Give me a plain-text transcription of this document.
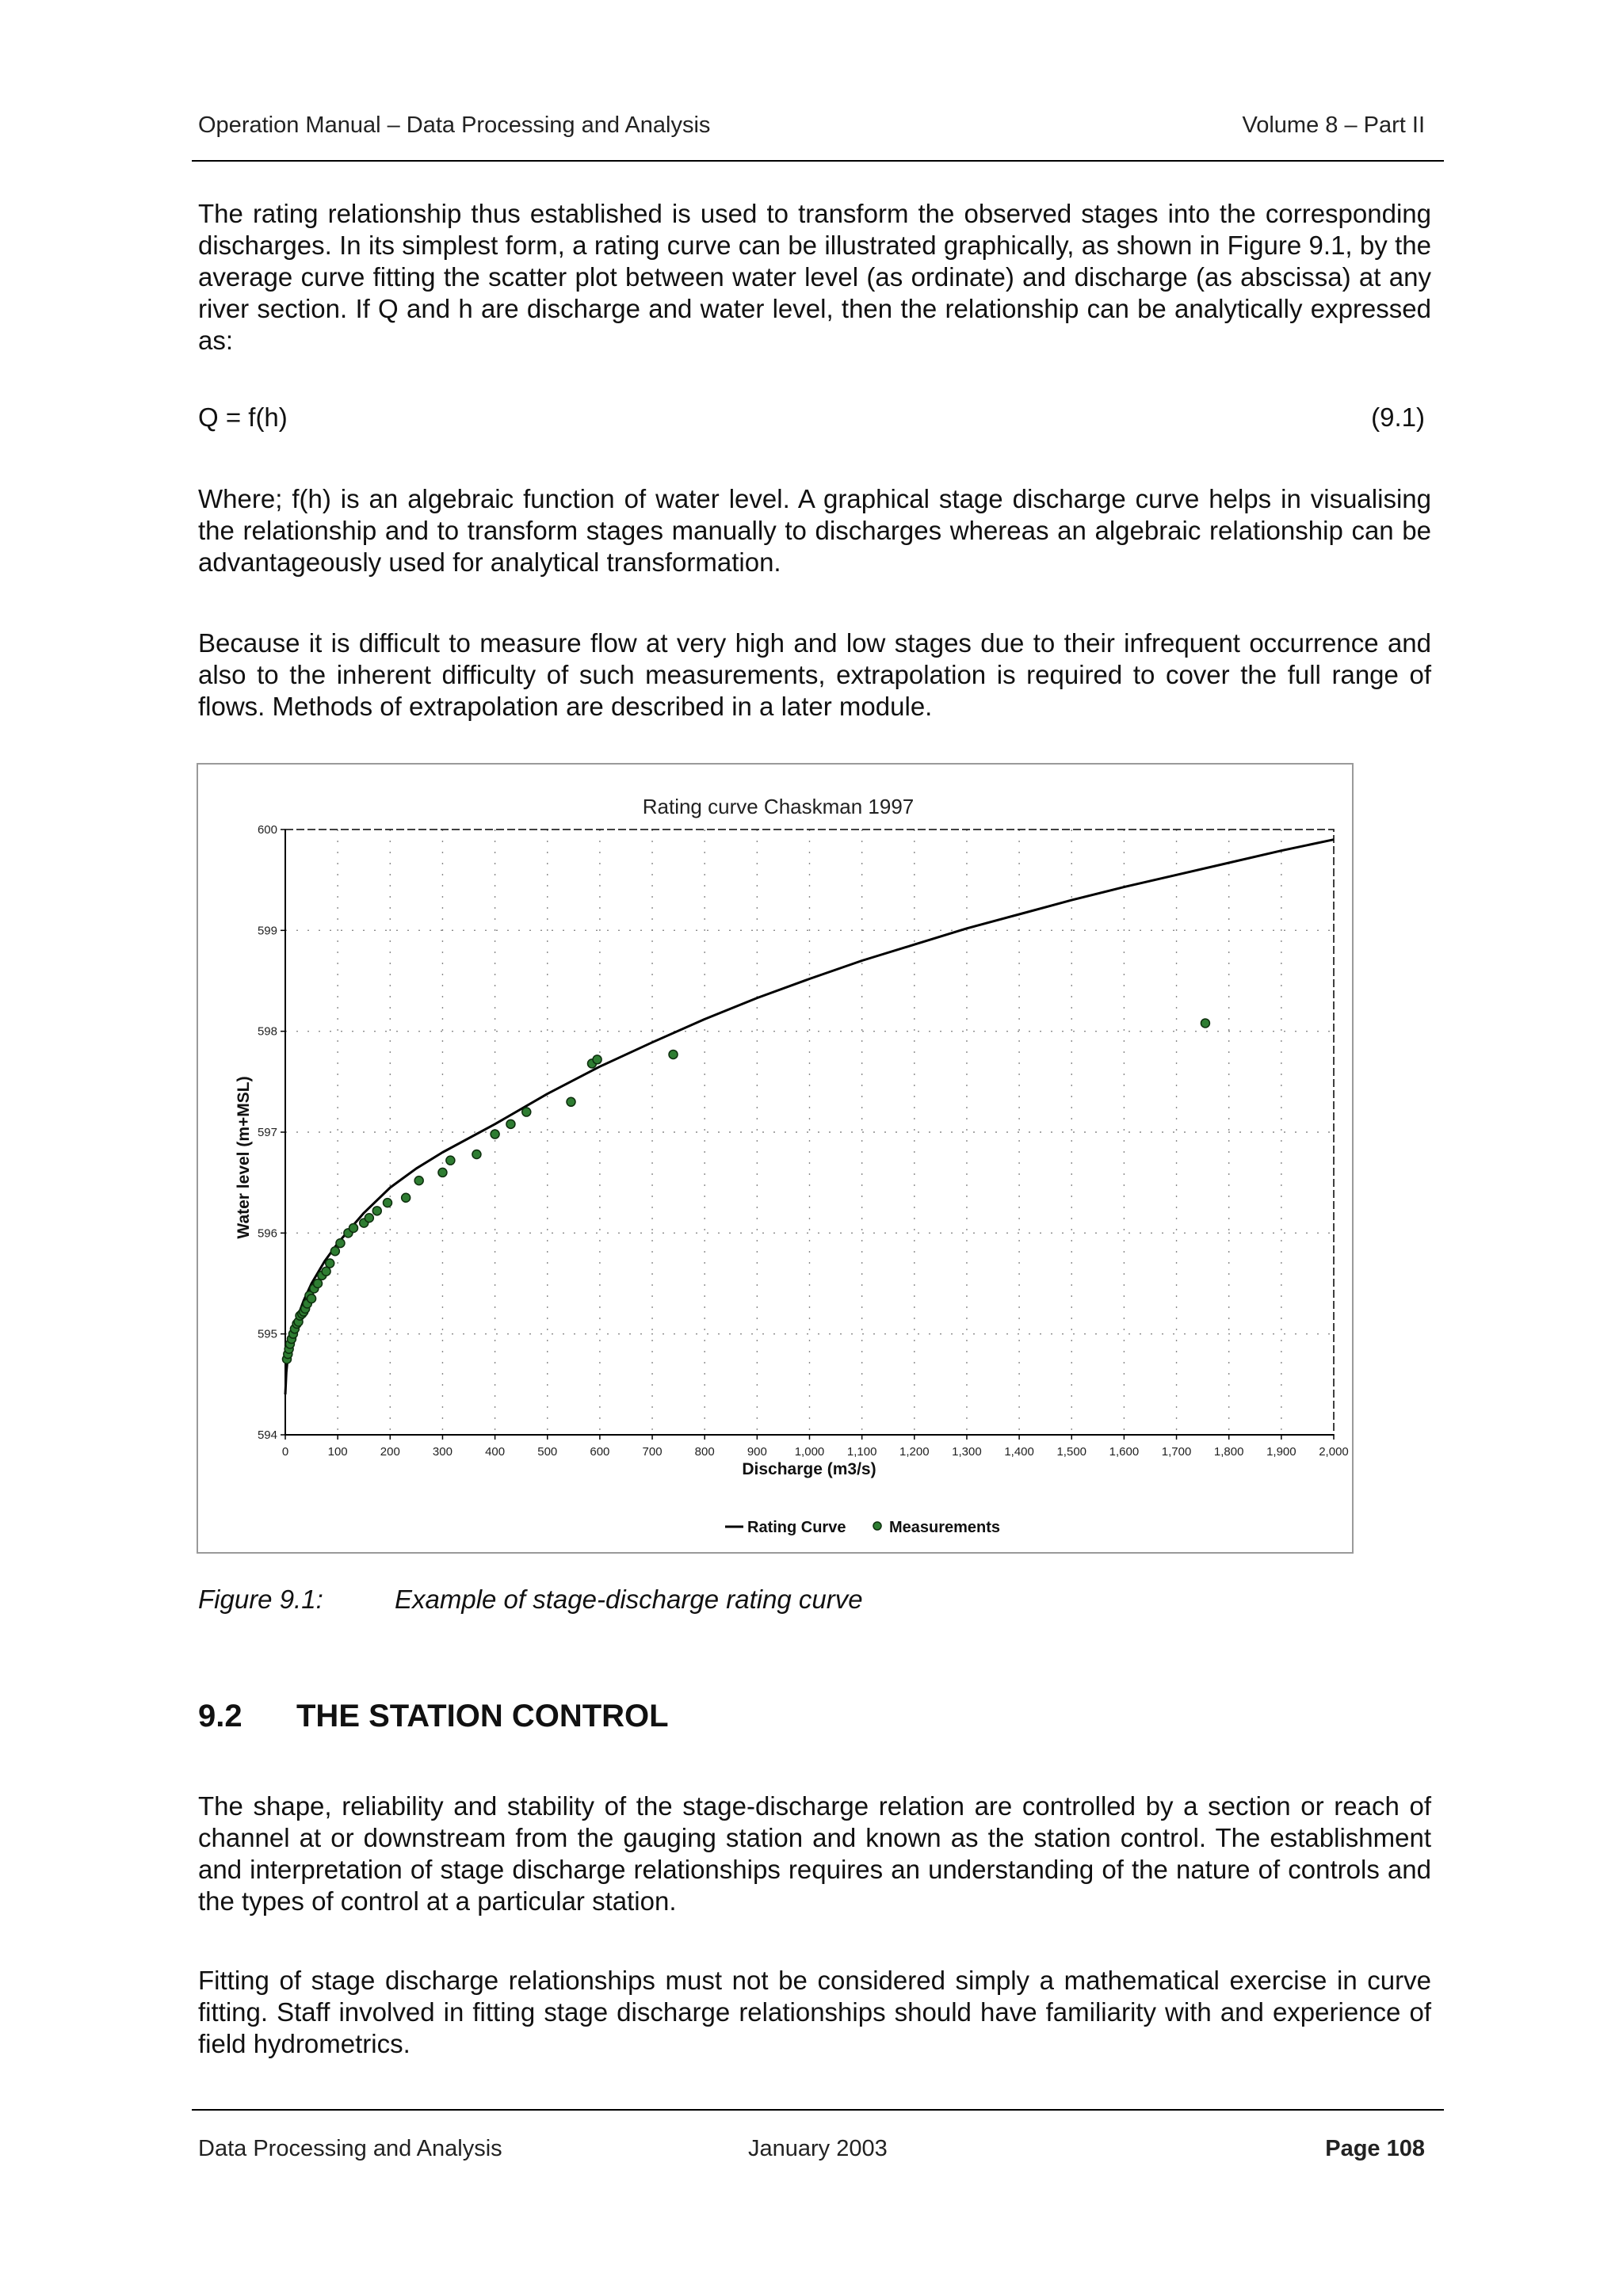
Operation Manual – Data Processing and Analysis	Volume 8 – Part II

The rating relationship thus established is used to transform the observed stages into the corresponding discharges. In its simplest form, a rating curve can be illustrated graphically, as shown in Figure 9.1, by the average curve fitting the scatter plot between water level (as ordinate) and discharge (as abscissa) at any river section. If Q and h are discharge and water level, then the relationship can be analytically expressed as:

Q = f(h)	(9.1)

Where; f(h) is an algebraic function of water level. A graphical stage discharge curve helps in visualising the relationship and to transform stages manually to discharges whereas an algebraic relationship can be advantageously used for analytical transformation.

Because it is difficult to measure flow at very high and low stages due to their infrequent occurrence and also to the inherent difficulty of such measurements, extrapolation is required to cover the full range of flows. Methods of extrapolation are described in a later module.

Rating curve Chaskman 1997
Discharge (m3/s)
Water level (m+MSL)
0	100	200	300	400	500	600	700	800	900 1,000 1,100 1,200 1,300 1,400 1,500 1,600 1,700 1,800 1,900 2,000
594
595
596
597
598
599
600
Rating Curve	Measurements
Figure 9.1:	Example of stage-discharge rating curve
9.2 THE STATION CONTROL

The shape, reliability and stability of the stage-discharge relation are controlled by a section or reach of channel at or downstream from the gauging station and known as the station control. The establishment and interpretation of stage discharge relationships requires an understanding of the nature of controls and the types of control at a particular station.

Fitting of stage discharge relationships must not be considered simply a mathematical exercise in curve fitting. Staff involved in fitting stage discharge relationships should have familiarity with and experience of field hydrometrics.

Data Processing and Analysis	January 2003	Page 108
